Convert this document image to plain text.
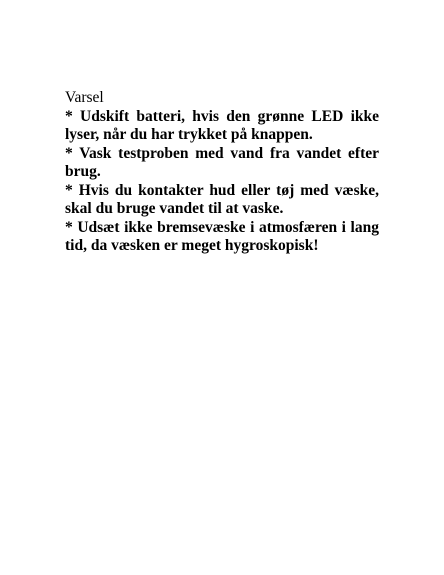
Varsel
* Udskift batteri, hvis den grønne LED ikke lyser, når du har trykket på knappen.
* Vask testproben med vand fra vandet efter brug.
* Hvis du kontakter hud eller tøj med væske, skal du bruge vandet til at vaske.
* Udsæt ikke bremsevæske i atmosfæren i lang tid, da væsken er meget hygroskopisk!
